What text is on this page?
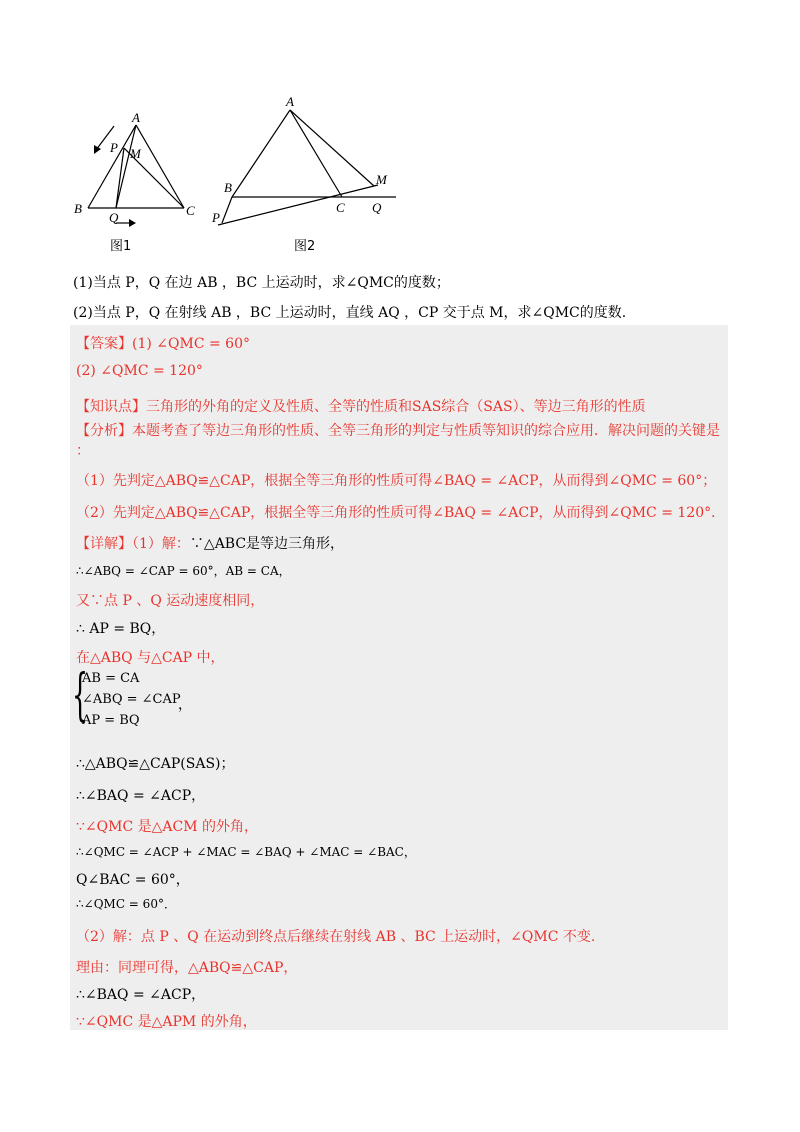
A
P M
B
Q	C
图1
A
B
C
M
Q
P
图2
(1)当点 P，Q 在边 AB ，BC 上运动时，求∠QMC的度数；
(2)当点 P，Q 在射线 AB ，BC 上运动时，直线 AQ ，CP 交于点 M，求∠QMC的度数.
【答案】(1) ∠QMC = 60°
(2) ∠QMC = 120°
【知识点】三角形的外角的定义及性质、全等的性质和SAS综合（SAS）、等边三角形的性质
【分析】本题考查了等边三角形的性质、全等三角形的判定与性质等知识的综合应用．解决问题的关键是
：
（1）先判定△ABQ≌△CAP，根据全等三角形的性质可得∠BAQ = ∠ACP，从而得到∠QMC = 60°；
（2）先判定△ABQ≌△CAP，根据全等三角形的性质可得∠BAQ = ∠ACP，从而得到∠QMC = 120°．
【详解】（1）解：∵△ABC是等边三角形，
∴∠ABQ = ∠CAP = 60°，AB = CA，
又∵点 P 、Q 运动速度相同，
∴ AP = BQ，
在△ABQ 与△CAP 中，
{
AB = CA
∠ABQ = ∠CAP
AP = BQ
，
∴△ABQ≌△CAP(SAS)；
∴∠BAQ = ∠ACP，
∵∠QMC 是△ACM 的外角，
∴∠QMC = ∠ACP + ∠MAC = ∠BAQ + ∠MAC = ∠BAC，
Q∠BAC = 60°，
∴∠QMC = 60°．
（2）解：点 P 、Q 在运动到终点后继续在射线 AB 、BC 上运动时，∠QMC 不变.
理由：同理可得，△ABQ≌△CAP，
∴∠BAQ = ∠ACP，
∵∠QMC 是△APM 的外角，
